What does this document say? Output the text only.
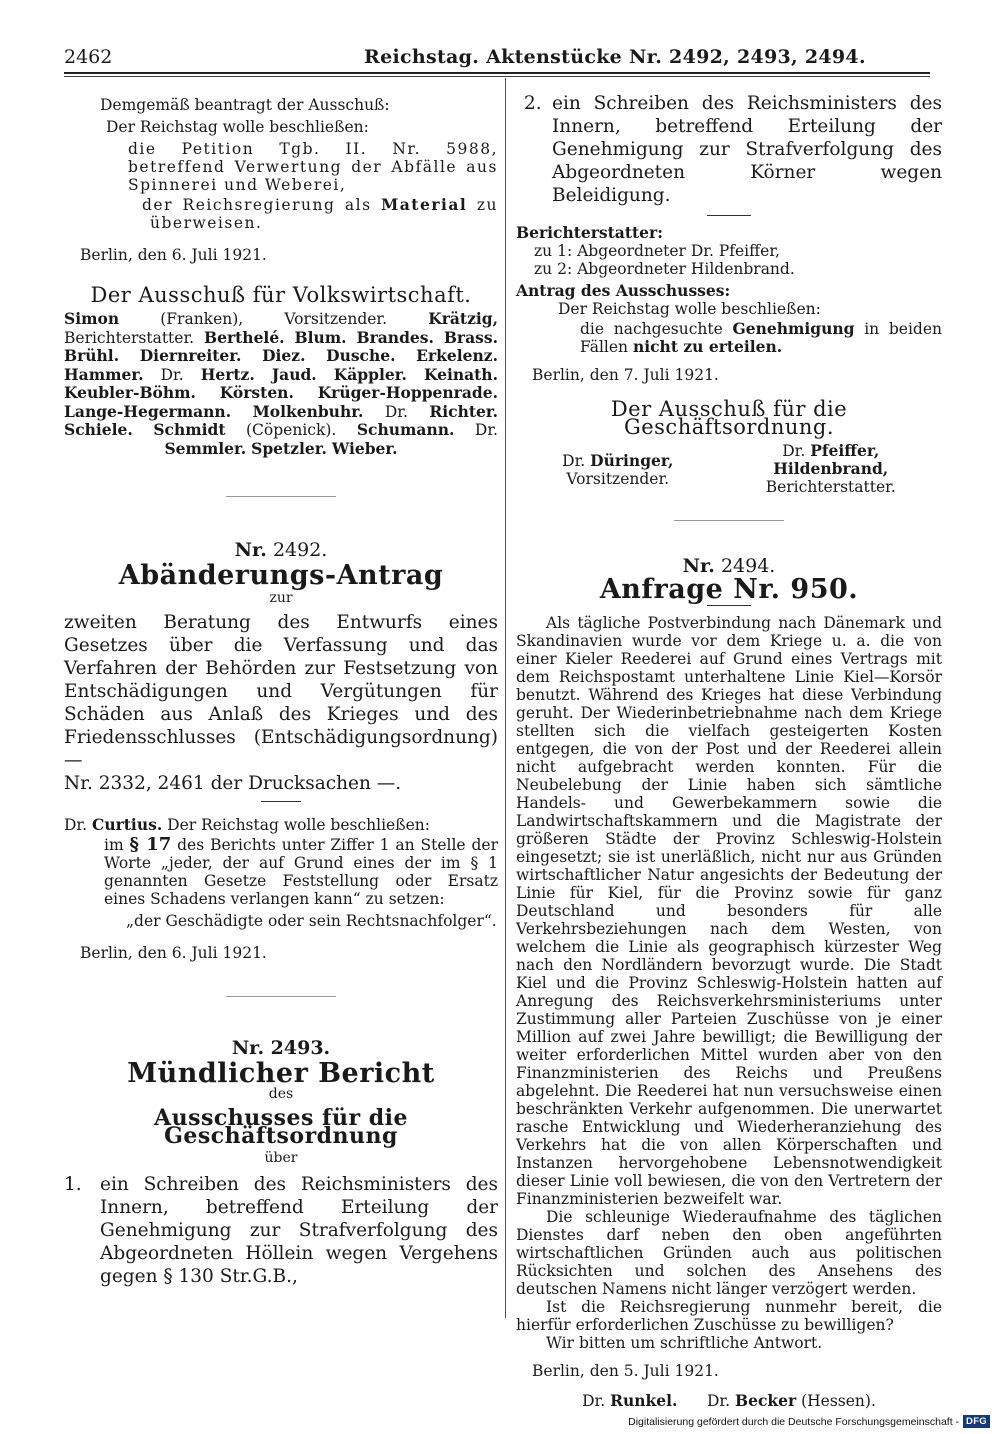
2462	Reichstag. Aktenstücke Nr. 2492, 2493, 2494.

Demgemäß beantragt der Ausschuß:

Der Reichstag wolle beschließen:

die Petition Tgb. II. Nr. 5988, betreffend Verwertung der Abfälle aus Spinnerei und Weberei,

der Reichsregierung als Material zu überweisen.

Berlin, den 6. Juli 1921.

Der Ausschuß für Volkswirtschaft.
Simon (Franken), Vorsitzender. Krätzig, Berichterstatter. Berthelé. Blum. Brandes. Brass. Brühl. Diernreiter. Diez. Dusche. Erkelenz. Hammer. Dr. Hertz. Jaud. Käppler. Keinath. Keubler-Böhm. Körsten. Krüger-Hoppenrade. Lange-Hegermann. Molkenbuhr. Dr. Richter. Schiele. Schmidt (Cöpenick). Schumann. Dr. Semmler. Spetzler. Wieber.
Nr. 2492.
Abänderungs-Antrag
zur
zweiten Beratung des Entwurfs eines Gesetzes über die Verfassung und das Verfahren der Behörden zur Festsetzung von Entschädigungen und Vergütungen für Schäden aus Anlaß des Krieges und des Friedensschlusses (Entschädigungsordnung) —
Nr. 2332, 2461 der Drucksachen —.

Dr. Curtius. Der Reichstag wolle beschließen:

im § 17 des Berichts unter Ziffer 1 an Stelle der Worte „jeder, der auf Grund eines der im § 1 genannten Gesetze Feststellung oder Ersatz eines Schadens verlangen kann“ zu setzen:

„der Geschädigte oder sein Rechtsnachfolger“.

Berlin, den 6. Juli 1921.

Nr. 2493.
Mündlicher Bericht
des
Ausschusses für die Geschäftsordnung
über
1. ein Schreiben des Reichsministers des Innern, betreffend Erteilung der Genehmigung zur Strafverfolgung des Abgeordneten Höllein wegen Vergehens gegen § 130 Str.G.B.,
2. ein Schreiben des Reichsministers des Innern, betreffend Erteilung der Genehmigung zur Strafverfolgung des Abgeordneten Körner wegen Beleidigung.

Berichterstatter:

zu 1: Abgeordneter Dr. Pfeiffer,

zu 2: Abgeordneter Hildenbrand.

Antrag des Ausschusses:

Der Reichstag wolle beschließen:

die nachgesuchte Genehmigung in beiden Fällen nicht zu erteilen.

Berlin, den 7. Juli 1921.

Der Ausschuß für die Geschäftsordnung.
Dr. Düringer,
Vorsitzender.
Dr. Pfeiffer,
Hildenbrand,
Berichterstatter.
Nr. 2494.
Anfrage Nr. 950.

Als tägliche Postverbindung nach Dänemark und Skandinavien wurde vor dem Kriege u. a. die von einer Kieler Reederei auf Grund eines Vertrags mit dem Reichspostamt unterhaltene Linie Kiel—Korsör benutzt. Während des Krieges hat diese Verbindung geruht. Der Wiederinbetriebnahme nach dem Kriege stellten sich die vielfach gesteigerten Kosten entgegen, die von der Post und der Reederei allein nicht aufgebracht werden konnten. Für die Neubelebung der Linie haben sich sämtliche Handels- und Gewerbekammern sowie die Landwirtschaftskammern und die Magistrate der größeren Städte der Provinz Schleswig-Holstein eingesetzt; sie ist unerläßlich, nicht nur aus Gründen wirtschaftlicher Natur angesichts der Bedeutung der Linie für Kiel, für die Provinz sowie für ganz Deutschland und besonders für alle Verkehrsbeziehungen nach dem Westen, von welchem die Linie als geographisch kürzester Weg nach den Nordländern bevorzugt wurde. Die Stadt Kiel und die Provinz Schleswig-Holstein hatten auf Anregung des Reichsverkehrsministeriums unter Zustimmung aller Parteien Zuschüsse von je einer Million auf zwei Jahre bewilligt; die Bewilligung der weiter erforderlichen Mittel wurden aber von den Finanzministerien des Reichs und Preußens abgelehnt. Die Reederei hat nun versuchsweise einen beschränkten Verkehr aufgenommen. Die unerwartet rasche Entwicklung und Wiederheranziehung des Verkehrs hat die von allen Körperschaften und Instanzen hervorgehobene Lebensnotwendigkeit dieser Linie voll bewiesen, die von den Vertretern der Finanzministerien bezweifelt war.

Die schleunige Wiederaufnahme des täglichen Dienstes darf neben den oben angeführten wirtschaftlichen Gründen auch aus politischen Rücksichten und solchen des Ansehens des deutschen Namens nicht länger verzögert werden.

Ist die Reichsregierung nunmehr bereit, die hierfür erforderlichen Zuschüsse zu bewilligen?

Wir bitten um schriftliche Antwort.

Berlin, den 5. Juli 1921.

Dr. Runkel. Dr. Becker (Hessen).

Digitalisierung gefördert durch die Deutsche Forschungsgemeinschaft - DFG
